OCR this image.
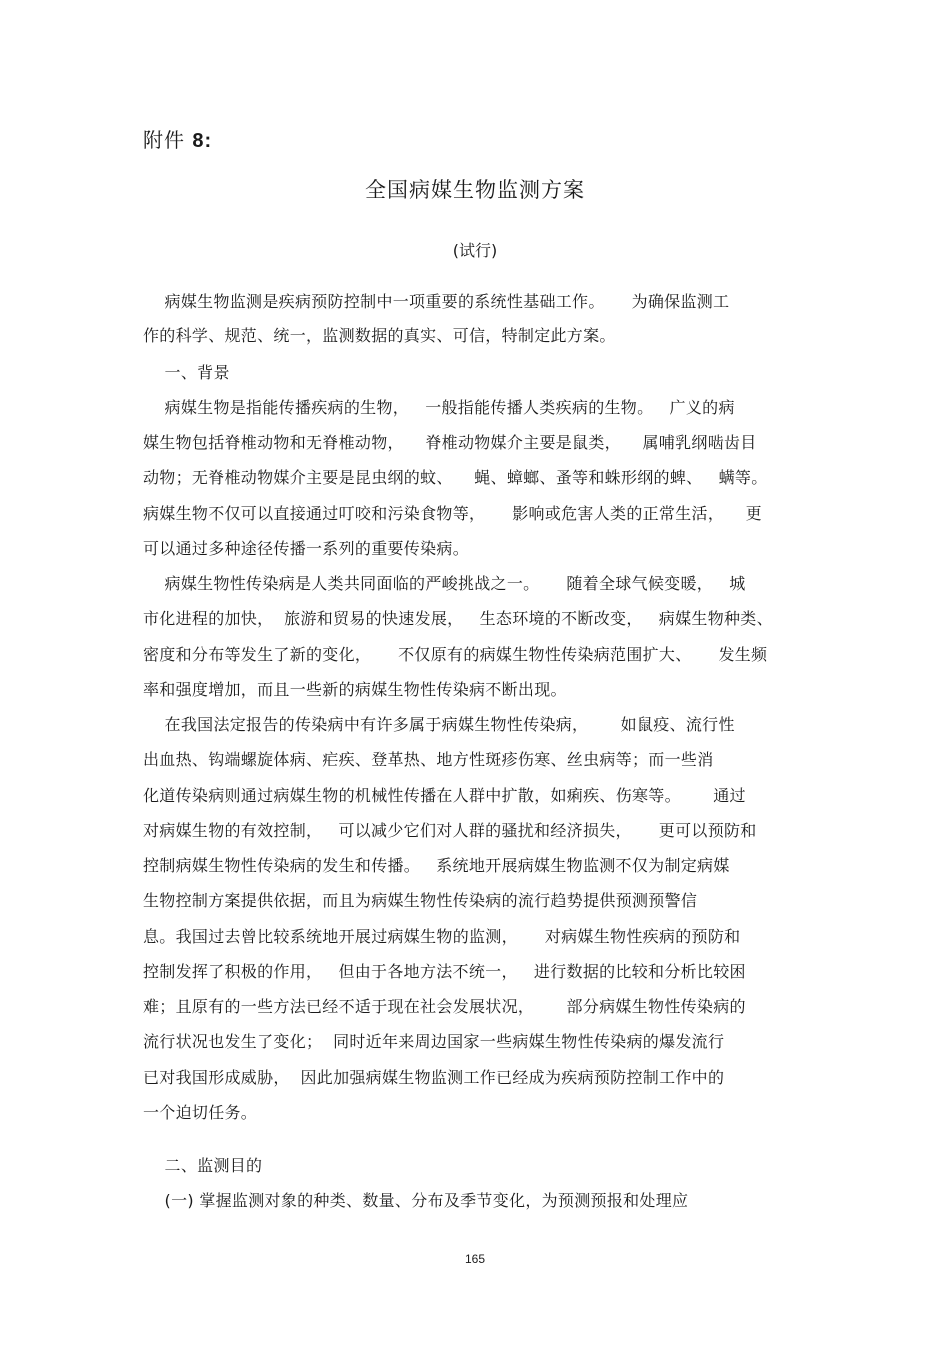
附件 8:
全国病媒生物监测方案
(试行)
病媒生物监测是疾病预防控制中一项重要的系统性基础工作。     为确保监测工
作的科学、规范、统一，监测数据的真实、可信，特制定此方案。
一、背景
病媒生物是指能传播疾病的生物，   一般指能传播人类疾病的生物。   广义的病
媒生物包括脊椎动物和无脊椎动物，    脊椎动物媒介主要是鼠类，    属哺乳纲啮齿目
动物；无脊椎动物媒介主要是昆虫纲的蚊、    蝇、蟑螂、蚤等和蛛形纲的蜱、   螨等。
病媒生物不仅可以直接通过叮咬和污染食物等，     影响或危害人类的正常生活，    更
可以通过多种途径传播一系列的重要传染病。
病媒生物性传染病是人类共同面临的严峻挑战之一。     随着全球气候变暖，   城
市化进程的加快，  旅游和贸易的快速发展，   生态环境的不断改变，   病媒生物种类、
密度和分布等发生了新的变化，     不仅原有的病媒生物性传染病范围扩大、     发生频
率和强度增加，而且一些新的病媒生物性传染病不断出现。
在我国法定报告的传染病中有许多属于病媒生物性传染病，      如鼠疫、流行性
出血热、钩端螺旋体病、疟疾、登革热、地方性斑疹伤寒、丝虫病等；而一些消
化道传染病则通过病媒生物的机械性传播在人群中扩散，如痢疾、伤寒等。      通过
对病媒生物的有效控制，   可以减少它们对人群的骚扰和经济损失，     更可以预防和
控制病媒生物性传染病的发生和传播。   系统地开展病媒生物监测不仅为制定病媒
生物控制方案提供依据，而且为病媒生物性传染病的流行趋势提供预测预警信
息。我国过去曾比较系统地开展过病媒生物的监测，     对病媒生物性疾病的预防和
控制发挥了积极的作用，   但由于各地方法不统一，   进行数据的比较和分析比较困
难；且原有的一些方法已经不适于现在社会发展状况，      部分病媒生物性传染病的
流行状况也发生了变化；  同时近年来周边国家一些病媒生物性传染病的爆发流行
已对我国形成威胁，  因此加强病媒生物监测工作已经成为疾病预防控制工作中的
一个迫切任务。
二、监测目的
(一) 掌握监测对象的种类、数量、分布及季节变化，为预测预报和处理应
165
